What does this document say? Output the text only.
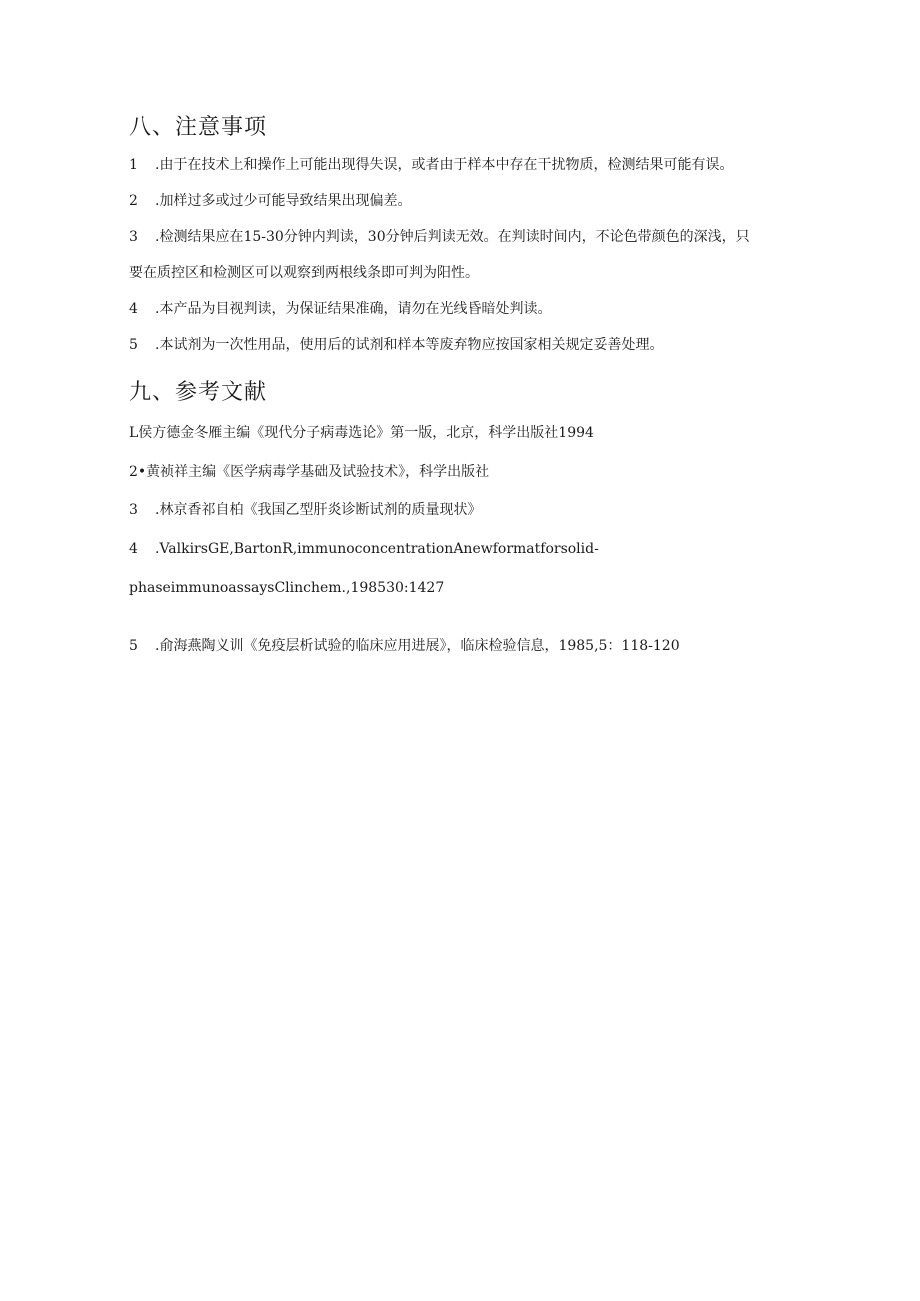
八、注意事项

1 .由于在技术上和操作上可能出现得失误，或者由于样本中存在干扰物质，检测结果可能有误。

2 .加样过多或过少可能导致结果出现偏差。

3 .检测结果应在15-30分钟内判读，30分钟后判读无效。在判读时间内，不论色带颜色的深浅，只

要在质控区和检测区可以观察到两根线条即可判为阳性。

4 .本产品为目视判读，为保证结果准确，请勿在光线昏暗处判读。

5 .本试剂为一次性用品，使用后的试剂和样本等废弃物应按国家相关规定妥善处理。

九、参考文献

L侯方德金冬雁主编《现代分子病毒选论》第一版，北京，科学出版社1994

2•黄祯祥主编《医学病毒学基础及试验技术》，科学出版社

3 .林京香祁自柏《我国乙型肝炎诊断试剂的质量现状》

4 .ValkirsGE,BartonR,immunoconcentrationAnewformatforsolid-

phaseimmunoassaysClinchem.,198530:1427

5 .俞海燕陶义训《免疫层析试验的临床应用进展》，临床检验信息，1985,5：118-120
